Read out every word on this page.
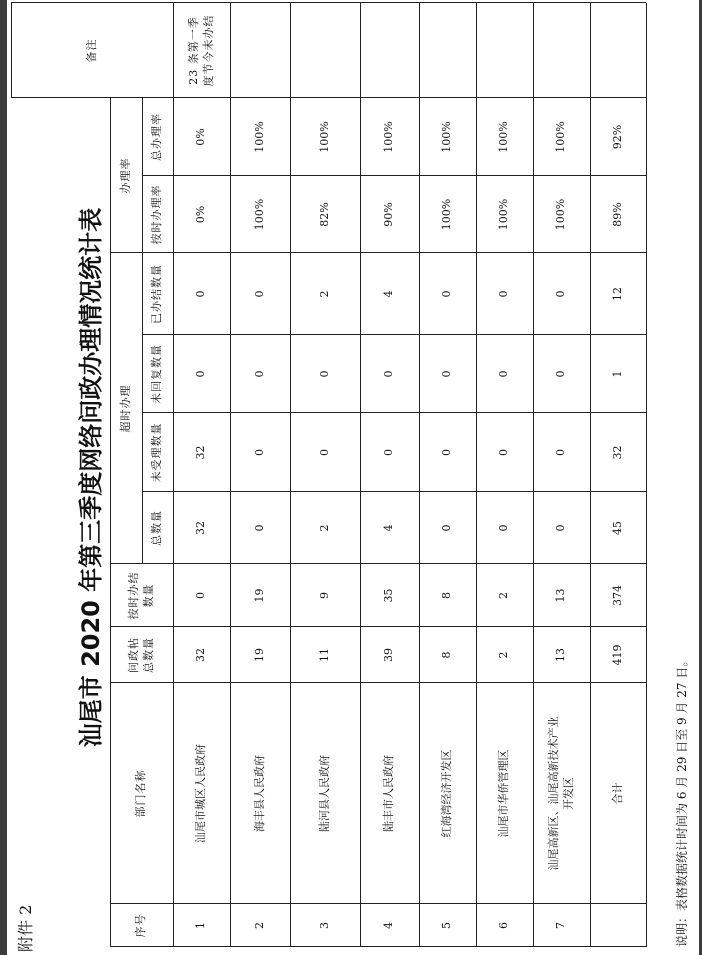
附件 2
汕尾市 2020 年第三季度网络问政办理情况统计表
序号
部门名称
问政帖总数量
按时办结数量
超时办理
总数量
未受理数量
未回复数量
已办结数量
办理率
按时办理率
总办理率
备注
1
汕尾市城区人民政府
32
0
32
32
0
0
0%
0%
23 条第一季度节今未办结
2
海丰县人民政府
19
19
0
0
0
0
100%
100%
3
陆河县人民政府
11
9
2
0
0
2
82%
100%
4
陆丰市人民政府
39
35
4
0
0
4
90%
100%
5
红海湾经济开发区
8
8
0
0
0
0
100%
100%
6
汕尾市华侨管理区
2
2
0
0
0
0
100%
100%
7
汕尾高新区、汕尾高新技术产业开发区
13
13
0
0
0
0
100%
100%
合计
419
374
45
32
1
12
89%
92%
说明：表格数据统计时间为 6 月 29 日至 9 月 27 日。
